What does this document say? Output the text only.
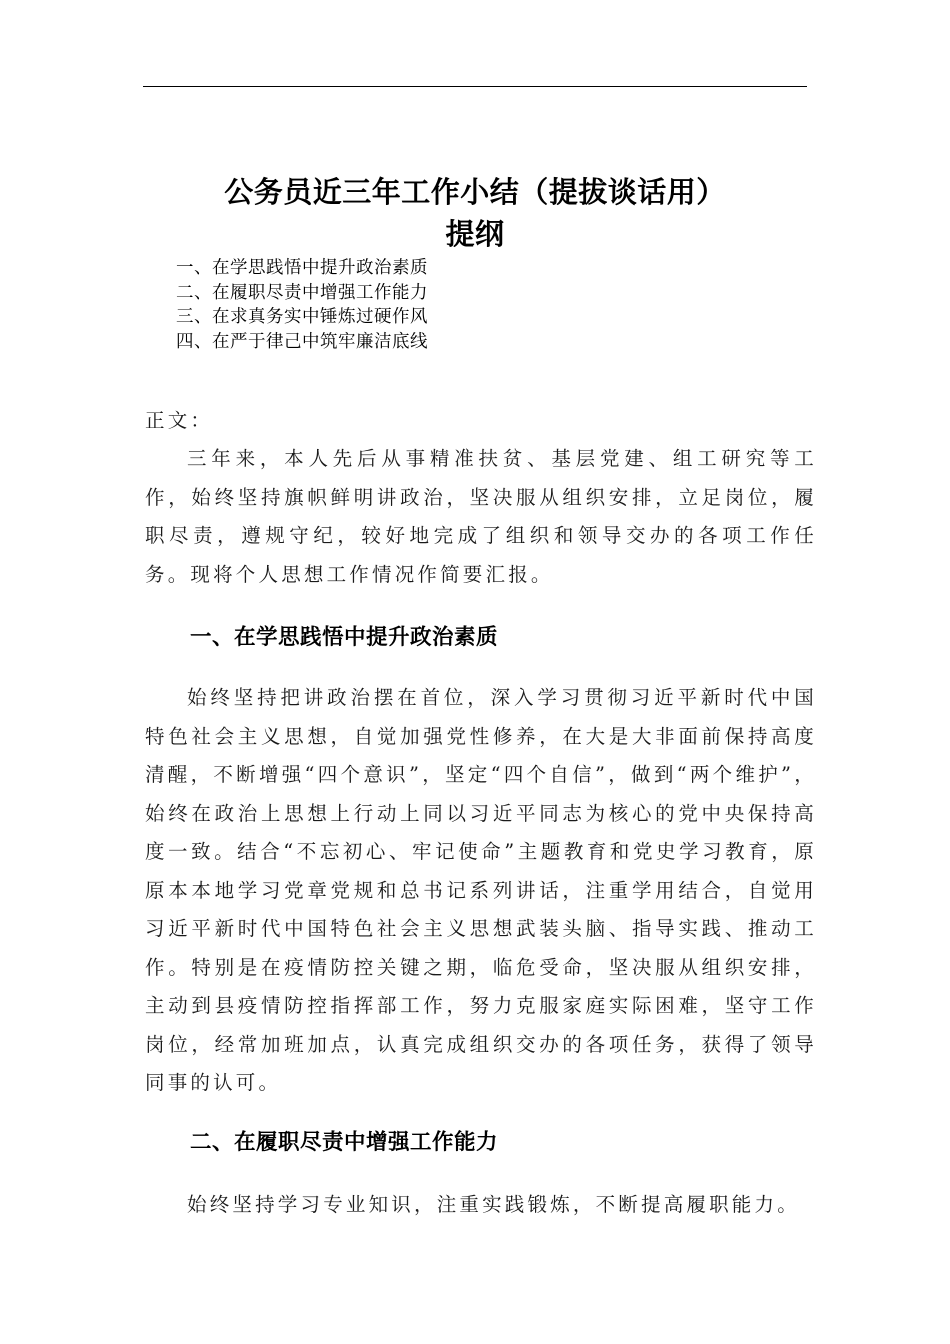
公务员近三年工作小结（提拔谈话用）
提纲
一、在学思践悟中提升政治素质
二、在履职尽责中增强工作能力
三、在求真务实中锤炼过硬作风
四、在严于律己中筑牢廉洁底线

正文：

三年来，本人先后从事精准扶贫、基层党建、组工研究等工作，始终坚持旗帜鲜明讲政治，坚决服从组织安排，立足岗位，履职尽责，遵规守纪，较好地完成了组织和领导交办的各项工作任务。现将个人思想工作情况作简要汇报。

一、在学思践悟中提升政治素质

始终坚持把讲政治摆在首位，深入学习贯彻习近平新时代中国特色社会主义思想，自觉加强党性修养，在大是大非面前保持高度清醒，不断增强“四个意识”，坚定“四个自信”，做到“两个维护”，始终在政治上思想上行动上同以习近平同志为核心的党中央保持高度一致。结合“不忘初心、牢记使命”主题教育和党史学习教育，原原本本地学习党章党规和总书记系列讲话，注重学用结合，自觉用习近平新时代中国特色社会主义思想武装头脑、指导实践、推动工作。特别是在疫情防控关键之期，临危受命，坚决服从组织安排，主动到县疫情防控指挥部工作，努力克服家庭实际困难，坚守工作岗位，经常加班加点，认真完成组织交办的各项任务，获得了领导同事的认可。

二、在履职尽责中增强工作能力

始终坚持学习专业知识，注重实践锻炼，不断提高履职能力。
